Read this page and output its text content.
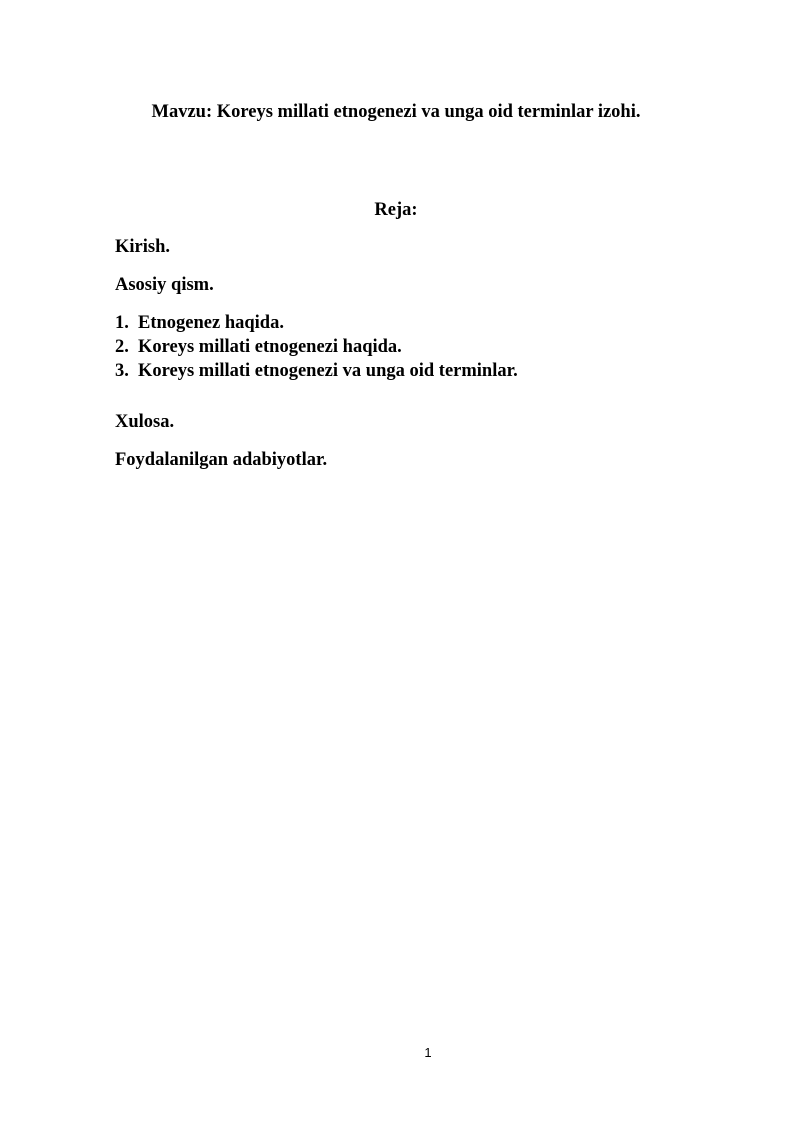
Mavzu: Koreys millati etnogenezi va unga oid terminlar izohi.
Reja:
Kirish.
Asosiy qism.
1. Etnogenez haqida.
2. Koreys millati etnogenezi haqida.
3. Koreys millati etnogenezi va unga oid terminlar.
Xulosa.
Foydalanilgan adabiyotlar.
1
